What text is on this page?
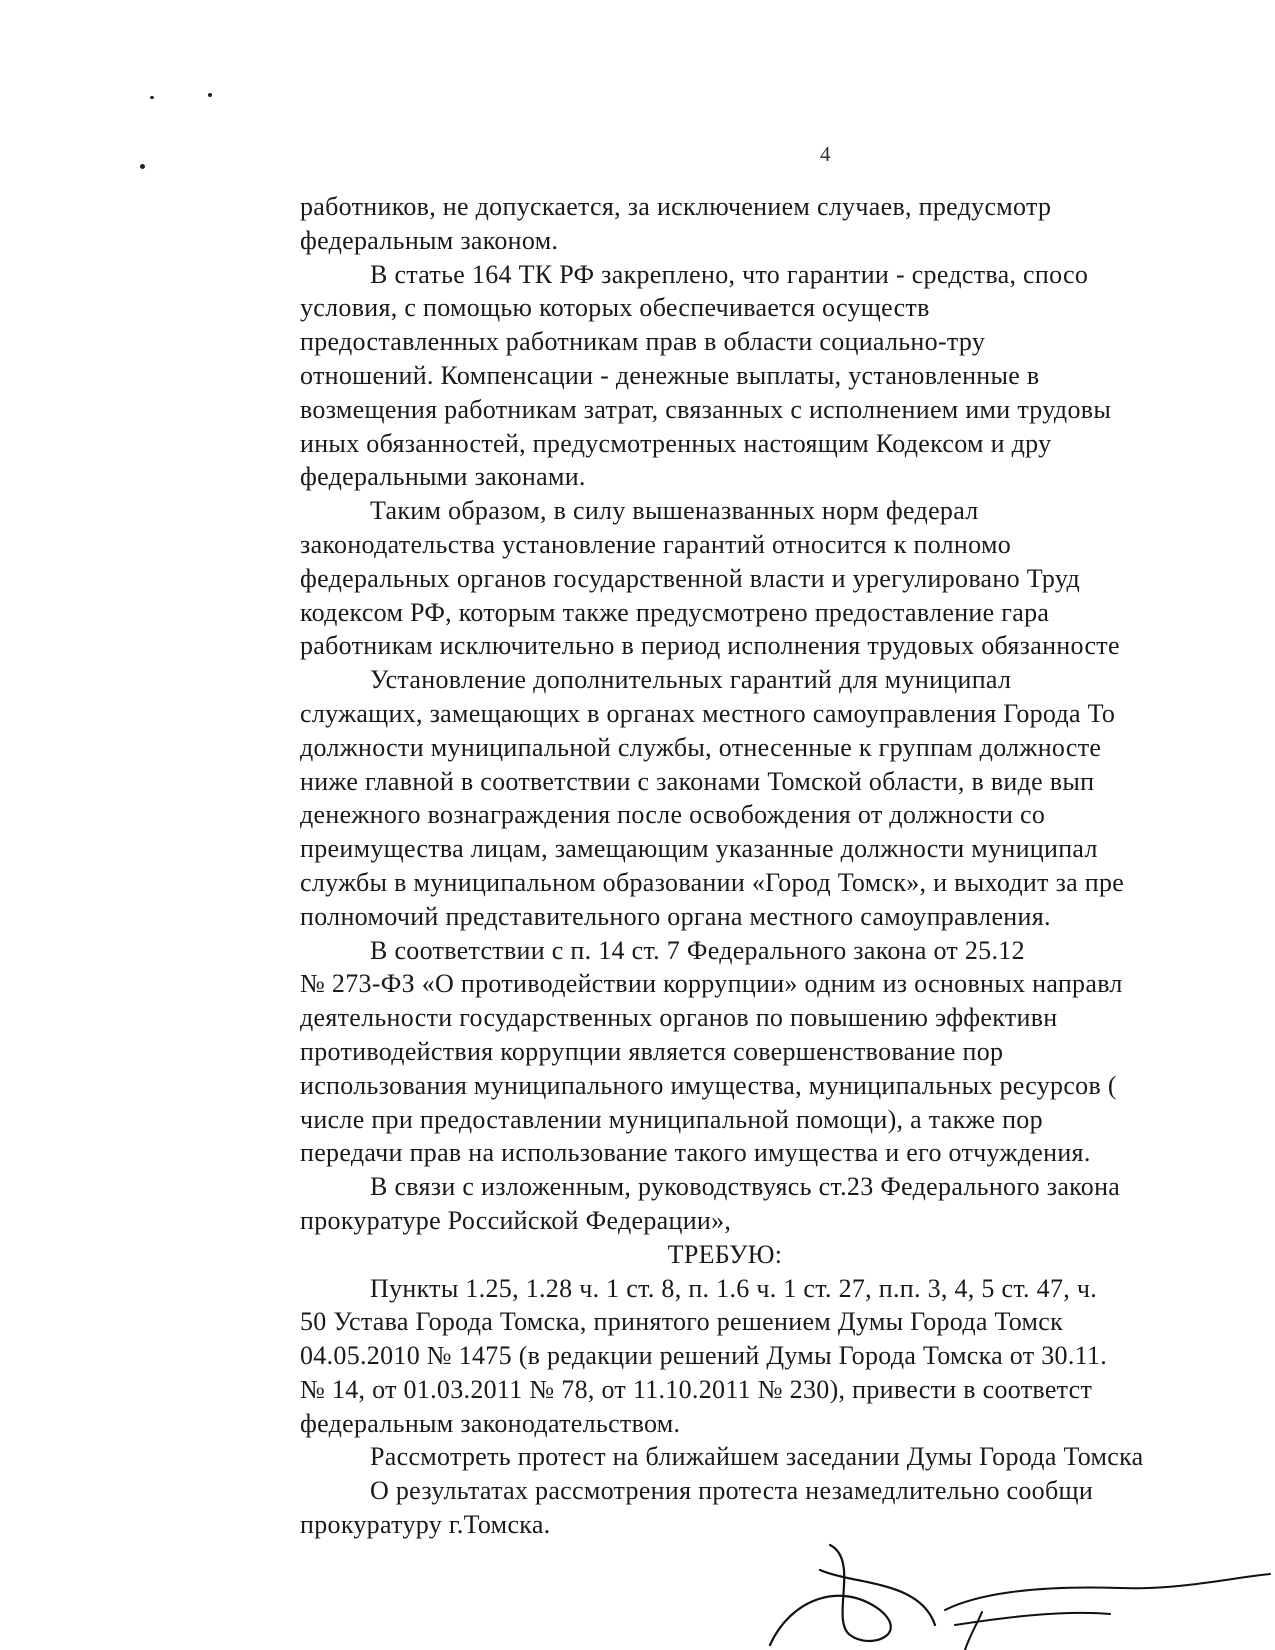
4

работников, не допускается, за исключением случаев, предусмотр
федеральным законом.

В статье 164 ТК РФ закреплено, что гарантии - средства, спосо
условия, с помощью которых обеспечивается осуществ
предоставленных работникам прав в области социально-тру
отношений. Компенсации - денежные выплаты, установленные в
возмещения работникам затрат, связанных с исполнением ими трудовы
иных обязанностей, предусмотренных настоящим Кодексом и дру
федеральными законами.

Таким образом, в силу вышеназванных норм федерал
законодательства установление гарантий относится к полномо
федеральных органов государственной власти и урегулировано Труд
кодексом РФ, которым также предусмотрено предоставление гара
работникам исключительно в период исполнения трудовых обязанносте

Установление дополнительных гарантий для муниципал
служащих, замещающих в органах местного самоуправления Города То
должности муниципальной службы, отнесенные к группам должносте
ниже главной в соответствии с законами Томской области, в виде вып
денежного вознаграждения после освобождения от должности со
преимущества лицам, замещающим указанные должности муниципал
службы в муниципальном образовании «Город Томск», и выходит за пре
полномочий представительного органа местного самоуправления.

В соответствии с п. 14 ст. 7 Федерального закона от 25.12
№ 273-ФЗ «О противодействии коррупции» одним из основных направл
деятельности государственных органов по повышению эффективн
противодействия коррупции является совершенствование пор
использования муниципального имущества, муниципальных ресурсов (
числе при предоставлении муниципальной помощи), а также пор
передачи прав на использование такого имущества и его отчуждения.

В связи с изложенным, руководствуясь ст.23 Федерального закона
прокуратуре Российской Федерации»,

ТРЕБУЮ:

Пункты 1.25, 1.28 ч. 1 ст. 8, п. 1.6 ч. 1 ст. 27, п.п. 3, 4, 5 ст. 47, ч.
50 Устава Города Томска, принятого решением Думы Города Томск
04.05.2010 № 1475 (в редакции решений Думы Города Томска от 30.11.
№ 14, от 01.03.2011 № 78, от 11.10.2011 № 230), привести в соответст
федеральным законодательством.

Рассмотреть протест на ближайшем заседании Думы Города Томска

О результатах рассмотрения протеста незамедлительно сообщи
прокуратуру г.Томска.
